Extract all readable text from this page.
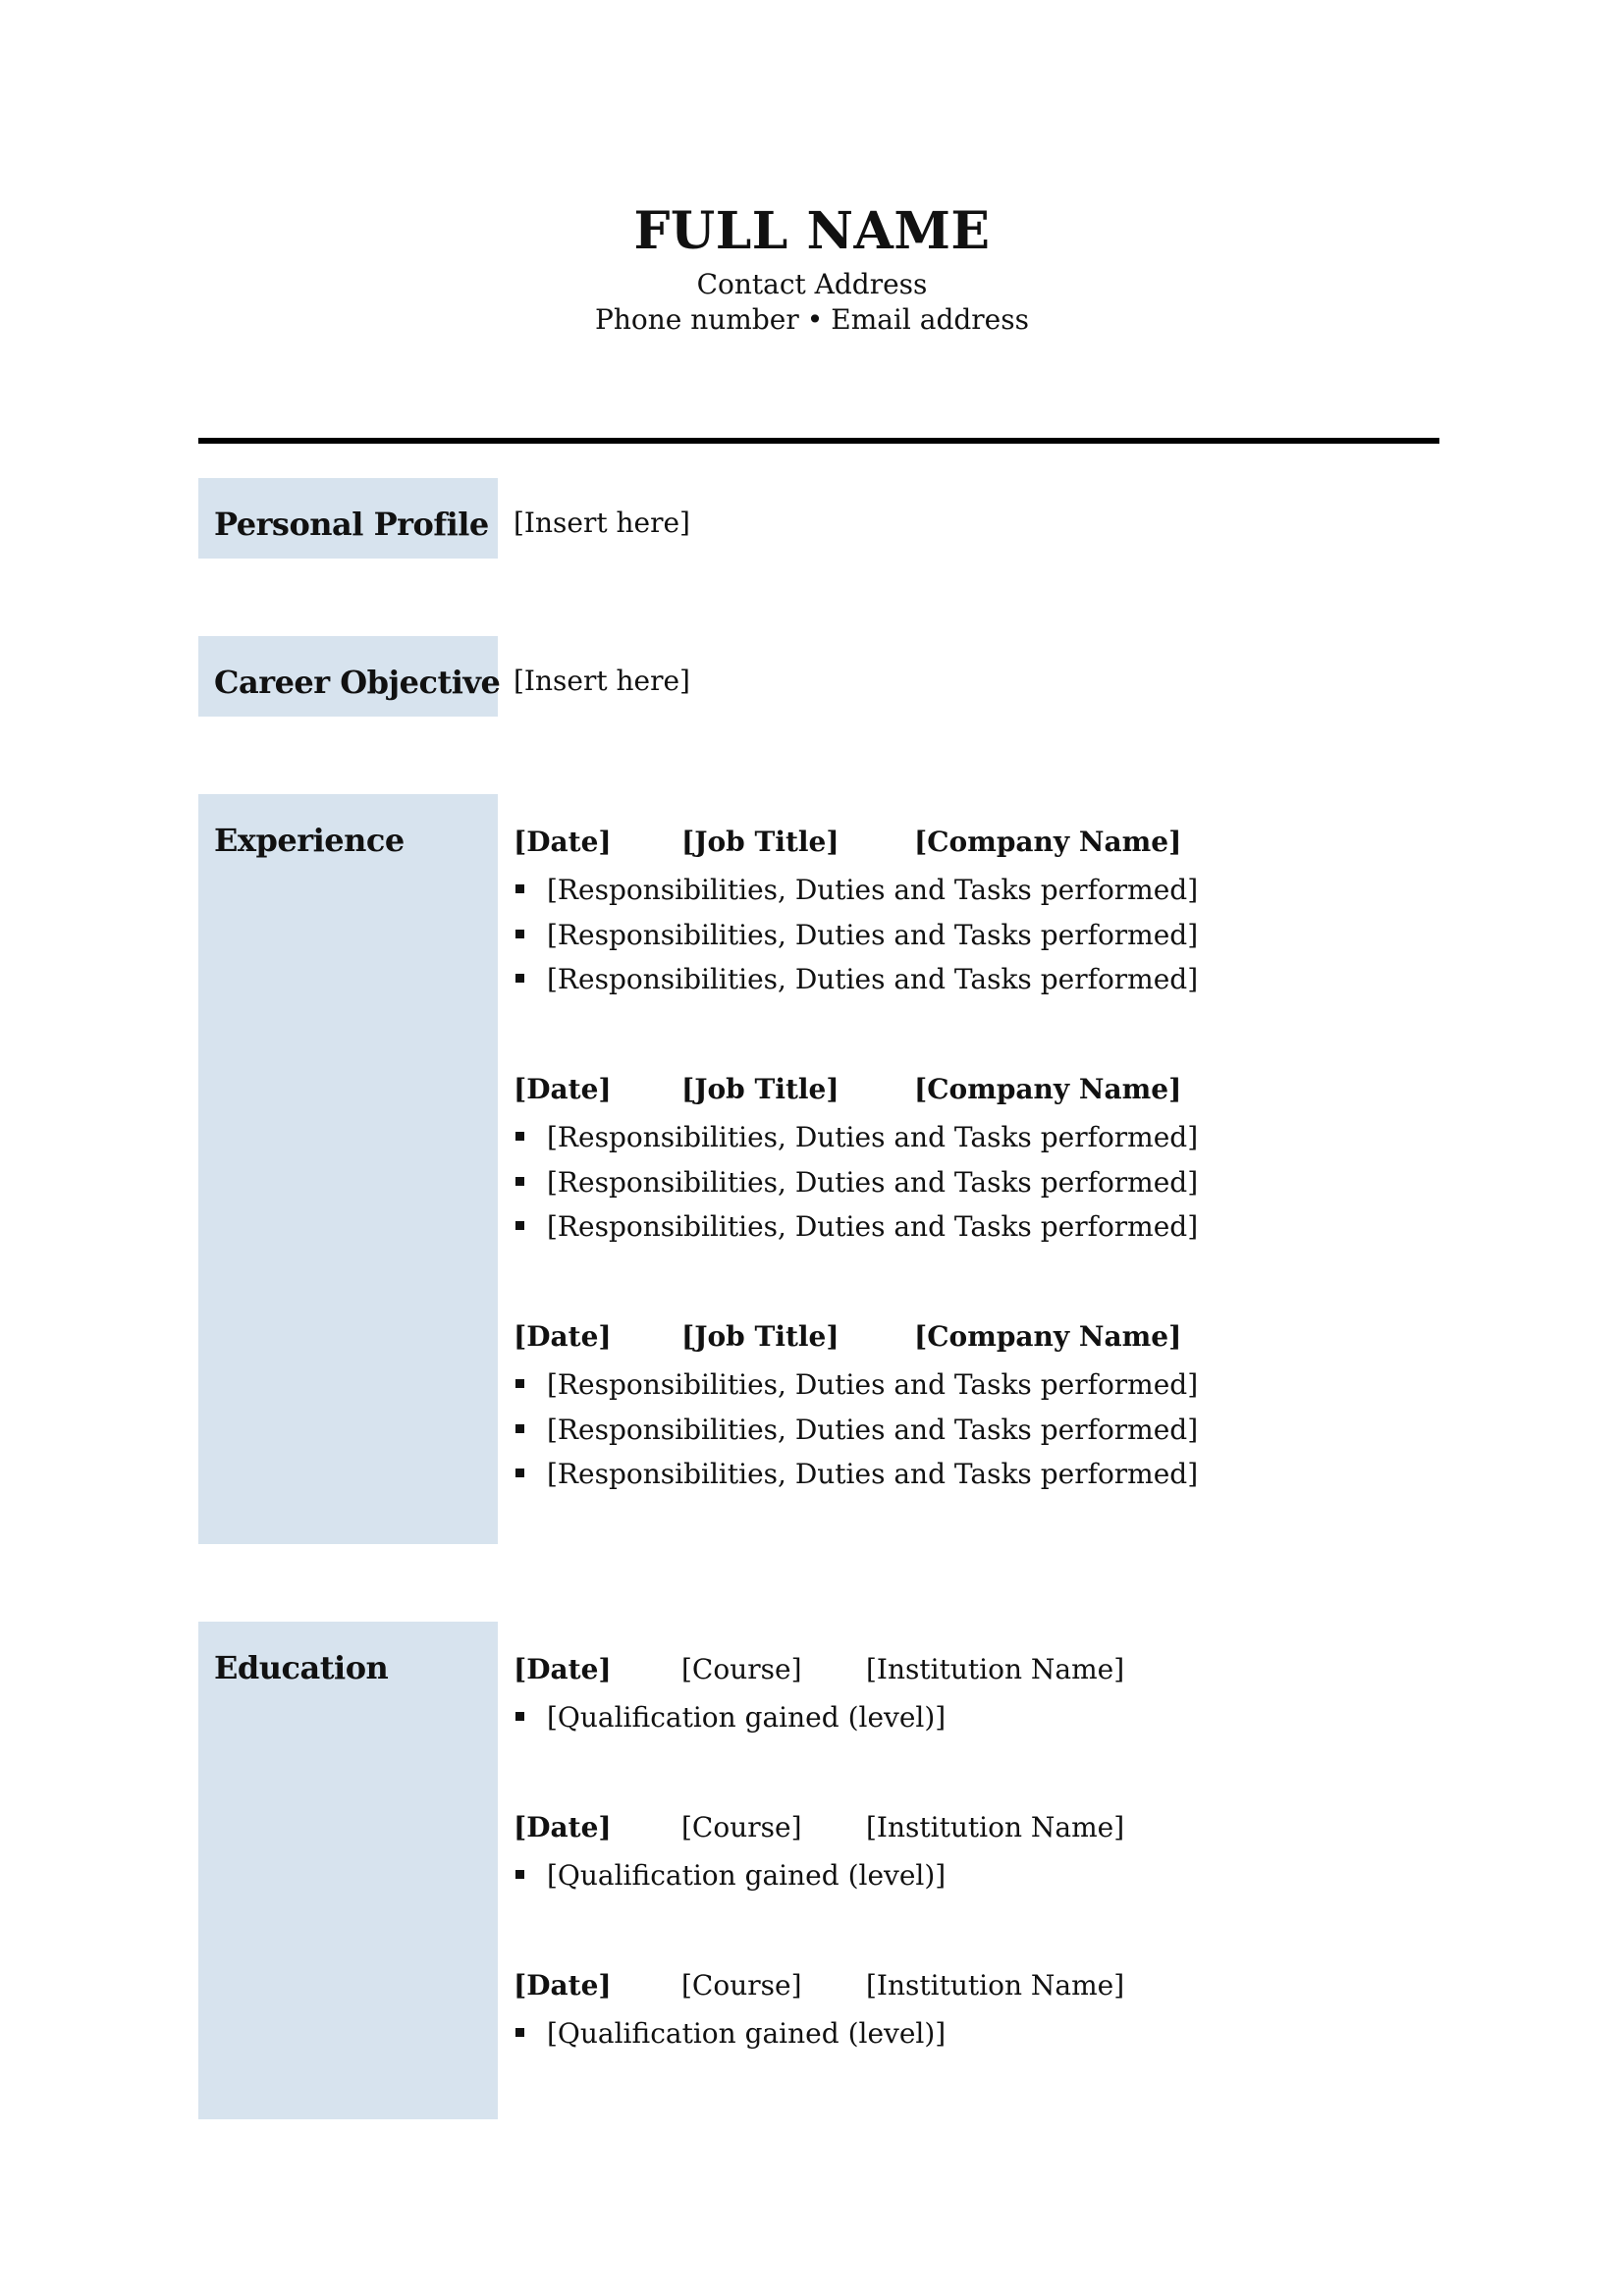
FULL NAME
Contact Address
Phone number • Email address
Personal Profile [Insert here]
Career Objective [Insert here]
Experience	[Date]	[Job Title]	[Company Name]
[Responsibilities, Duties and Tasks performed]
[Responsibilities, Duties and Tasks performed]
[Responsibilities, Duties and Tasks performed]
[Date]	[Job Title]	[Company Name]
[Responsibilities, Duties and Tasks performed]
[Responsibilities, Duties and Tasks performed]
[Responsibilities, Duties and Tasks performed]
[Date]	[Job Title]	[Company Name]
[Responsibilities, Duties and Tasks performed]
[Responsibilities, Duties and Tasks performed]
[Responsibilities, Duties and Tasks performed]
Education	[Date]	[Course] [Institution Name]
[Qualification gained (level)]
[Date]	[Course] [Institution Name]
[Qualification gained (level)]
[Date]	[Course] [Institution Name]
[Qualification gained (level)]
